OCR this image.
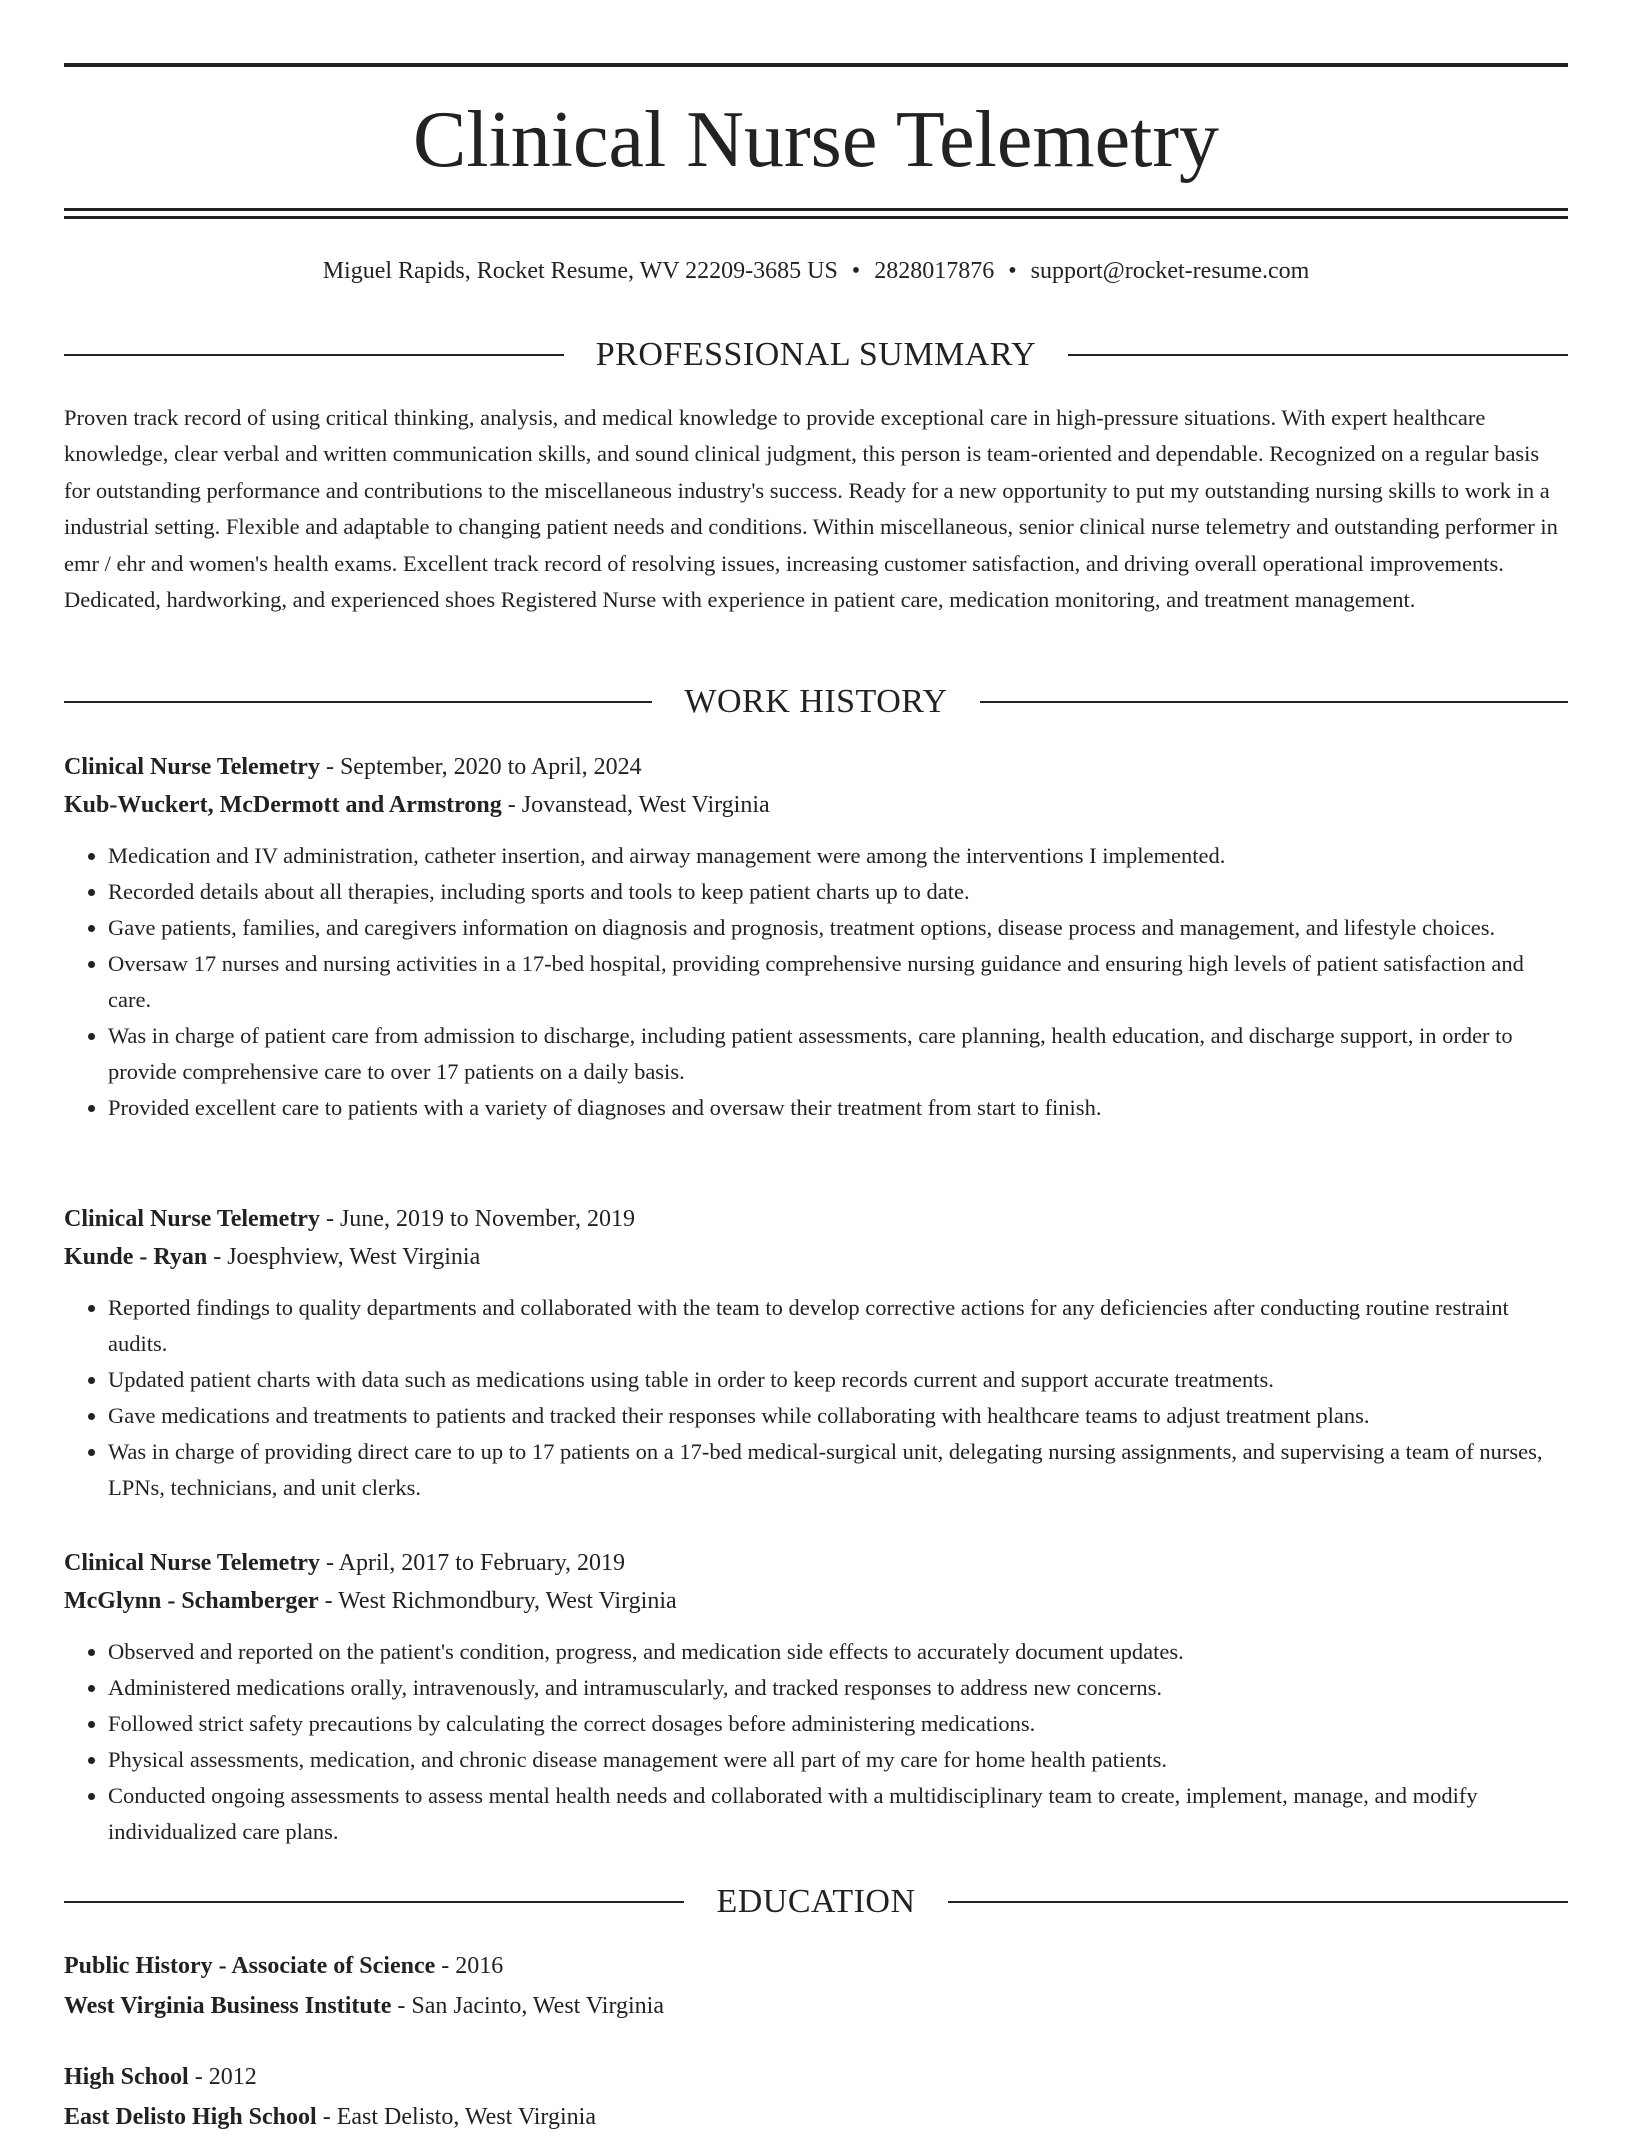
Clinical Nurse Telemetry
Miguel Rapids, Rocket Resume, WV 22209-3685 US • 2828017876 • support@rocket-resume.com
PROFESSIONAL SUMMARY

Proven track record of using critical thinking, analysis, and medical knowledge to provide exceptional care in high-pressure situations. With expert healthcare knowledge, clear verbal and written communication skills, and sound clinical judgment, this person is team-oriented and dependable. Recognized on a regular basis for outstanding performance and contributions to the miscellaneous industry's success. Ready for a new opportunity to put my outstanding nursing skills to work in a industrial setting. Flexible and adaptable to changing patient needs and conditions. Within miscellaneous, senior clinical nurse telemetry and outstanding performer in emr / ehr and women's health exams. Excellent track record of resolving issues, increasing customer satisfaction, and driving overall operational improvements. Dedicated, hardworking, and experienced shoes Registered Nurse with experience in patient care, medication monitoring, and treatment management.

WORK HISTORY
Clinical Nurse Telemetry - September, 2020 to April, 2024
Kub-Wuckert, McDermott and Armstrong - Jovanstead, West Virginia
• Medication and IV administration, catheter insertion, and airway management were among the interventions I implemented.
• Recorded details about all therapies, including sports and tools to keep patient charts up to date.
• Gave patients, families, and caregivers information on diagnosis and prognosis, treatment options, disease process and management, and lifestyle choices.
• Oversaw 17 nurses and nursing activities in a 17-bed hospital, providing comprehensive nursing guidance and ensuring high levels of patient satisfaction and care.
• Was in charge of patient care from admission to discharge, including patient assessments, care planning, health education, and discharge support, in order to provide comprehensive care to over 17 patients on a daily basis.
• Provided excellent care to patients with a variety of diagnoses and oversaw their treatment from start to finish.
Clinical Nurse Telemetry - June, 2019 to November, 2019
Kunde - Ryan - Joesphview, West Virginia
• Reported findings to quality departments and collaborated with the team to develop corrective actions for any deficiencies after conducting routine restraint audits.
• Updated patient charts with data such as medications using table in order to keep records current and support accurate treatments.
• Gave medications and treatments to patients and tracked their responses while collaborating with healthcare teams to adjust treatment plans.
• Was in charge of providing direct care to up to 17 patients on a 17-bed medical-surgical unit, delegating nursing assignments, and supervising a team of nurses, LPNs, technicians, and unit clerks.
Clinical Nurse Telemetry - April, 2017 to February, 2019
McGlynn - Schamberger - West Richmondbury, West Virginia
• Observed and reported on the patient's condition, progress, and medication side effects to accurately document updates.
• Administered medications orally, intravenously, and intramuscularly, and tracked responses to address new concerns.
• Followed strict safety precautions by calculating the correct dosages before administering medications.
• Physical assessments, medication, and chronic disease management were all part of my care for home health patients.
• Conducted ongoing assessments to assess mental health needs and collaborated with a multidisciplinary team to create, implement, manage, and modify individualized care plans.
EDUCATION
Public History - Associate of Science - 2016
West Virginia Business Institute - San Jacinto, West Virginia
High School - 2012
East Delisto High School - East Delisto, West Virginia
